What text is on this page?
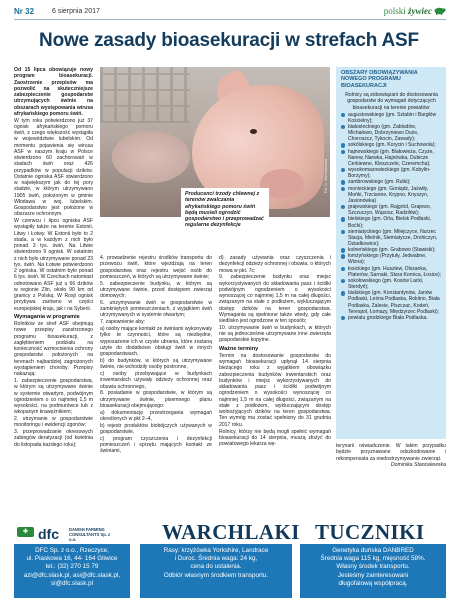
Nr 32	6 sierpnia 2017	polski żywiec
Nowe zasady bioasekuracji w strefach ASF

Od 15 lipca obowiązuje nowy program bioasekuracji. Zaostrzenie przepisów ma pozwolić na skuteczniejsze zabezpieczenie gospodarstw utrzymujących świnie na obszarach występowania wirusa afrykańskiego pomoru świń.

W tym roku potwierdzono już 37 ognisk afrykańskiego pomoru świń, z czego większość wystąpiła w województwie lubelskim. Od momentu pojawienia się wirusa ASF w naszym kraju w Polsce stwierdzono 60 zachorowań w stadach świń oraz 426 przypadków w populacji dzików. Ostatnie ogniska ASF stwierdzono w największym jak do tej pory stadzie, w którym utrzymywano 1905 świń, położonym w gminie Włodawa w woj. lubelskim. Gospodarstwo jest położone w obszarze ochronnym.

W czerwcu i lipcu ogniska ASF wystąpiły także na terenie Estonii, Litwy i Łotwy. W Estonii było to 2 stada, a w każdym z nich było ponad 3 tys. świń. Na Litwie stwierdzono 9 ognisk. W ostatnim z nich było utrzymywane ponad 23 tys. świń. Na Łotwie potwierdzono 2 ogniska. W ostatnim było ponad 6 tys. świń. W Czechach natomiast odnotowano ASF już u 66 dzików w regionie Zlin, około 90 km od granicy z Polską. W Rosji ognisk przybywa zarówno w części europejskiej kraju, jak i na Syberii.

Wymagania w programie

Rolników ze stref ASF obejmują nowe przepisy zaostrzonego programu bioasekuracji, z zagłębieniem podziału na konieczność wzmocnienia ochrony gospodarstw położonych na terenach najbardziej zagrożonych wystąpieniem choroby. Przepisy nakazują:

1. zabezpieczenie gospodarstwa, w którym są utrzymywane świnie w systemie otwartym, podwójnym ogrodzeniem o co najmniej 1,5 m wysokości, na podmurówce lub z wkopanym krawężnikiem;

2. utrzymanie w gospodarstwie monitoringu i ewidencji zgonów;

3. przeprowadzanie okresowych zabiegów deratyzacji (od kwietnia do listopada każdego roku);

Fot. D. Stancelewska
Producenci trzody chlewnej z terenów zwalczania afrykańskiego pomoru świń będą musieli ogrodzić gospodarstwo i przeprowadzać regularne dezynfekcje

4. prowadzenie rejestru środków transportu do przewozu świń, które wjeżdżają na teren gospodarstwa oraz rejestru wejść osób do pomieszczeń, w których są utrzymywane świnie;

5. zabezpieczenie budynku, w którym są utrzymywane świnie, przed dostępem zwierząt domowych;

6. utrzymywanie świń w gospodarstwie w zamkniętych pomieszczeniach, z wyjątkiem świń utrzymywanych w systemie otwartym;

7. zapewnienie aby:

a) osoby mające kontakt ze świniami wykonywały tylko te czynności, które są niezbędne, wyposażenie ich w czyste ubrania, które zostaną użyte do dodatkowo obsługi świń w innych gospodarstwach,

b) do budynków, w których są utrzymywane świnie, nie wchodziły osoby postronne,

c) osoby przebywające w budynkach inwentarskich używały odzieży ochronnej oraz obuwia ochronnego,

8. posiadanie w gospodarstwie, w którym są utrzymywane świnie, pisemnego planu bioasekuracji obejmującego:

a) dokumentację przestrzegania wymagań określonych w pkt 2–4,

b) rejestr produktów biobójczych używanych w gospodarstwie,

c) program czyszczenia i dezynfekcji pomieszczeń i sprzętu mających kontakt ze świniami,

d) zasady używania oraz czyszczenia i dezynfekcji odzieży ochronnej i obuwia, o których mowa w pkt. 7c;

9. zabezpieczenie budynku oraz miejsc wykorzystywanych do składowania pasz i ściółki podwójnym ogrodzeniem o wysokości wynoszącej co najmniej 1,5 m na całej długości, związanym na stałe z podłożem, wykluczającym dostęp dzików na teren gospodarstwa. Wymagania są spełnione także wtedy, gdy całe siedlisko jest ogrodzone w ten sposób;

10. utrzymywanie świń w budynkach, w których nie są jednocześnie utrzymywane inne zwierzęta gospodarskie kopytne.

Ważne terminy

Termin na dostosowanie gospodarstw do wymagań bioasekuracji upłynął 14 sierpnia bieżącego roku z wyjątkiem obowiązku zabezpieczenia budynków inwentarskich oraz budynków i miejsc wykorzystywanych do składowania pasz i ściółki podwójnym ogrodzeniem o wysokości wynoszącej co najmniej 1,5 m na całej długości, związanym na stałe z podłożem, wykluczającym dostęp wolnożyjących dzików na teren gospodarstwa. Ten wymóg ma zostać spełniony do 31 grudnia 2017 roku.

Rolnicy, którzy nie będą mogli spełnić wymagań bioasekuracji do 14 sierpnia, muszą złożyć do powiatowego lekarza wę-

OBSZARY OBOWIĄZYWANIA NOWEGO PROGRAMU BIOASEKURACJI
Rolnicy są zobowiązani do dostosowania gospodarstw do wymagań dotyczących bioasekuracji na terenie powiatów:
augustowskiego (gm. Sztabin i Bargłów Kościelny);
białostockiego (gm. Zabłudów, Michałowo, Dobrzyniewo Duże, Choroszcz, Tykocin, Zawady);
sokólskiego (gm. Korycin i Suchowola);
hajnowskiego (gm. Białowieża, Czyże, Narew, Narwka, Hajnówka, Dubicze Cerkiewne, Kleszczele, Czeremcha);
wysokomazowieckiego (gm. Kobylin-Borzymy);
zambrowskiego (gm. Rutki);
monieckiego (gm. Goniądz, Jaświły, Mońki, Trzcianne, Krypno, Knyszyn, Jasionówka)
grajewskiego (gm. Rajgród, Grajewo, Szczuczyn, Wąsosz, Radziłów);
bielskiego (gm. Orla, Bielsk Podlaski, Boćki);
siemiatyckiego (gm. Milejczyce, Nurzec Stacja, Mielnik, Siemiatycze, Drohiczyn, Dziadkowice);
kolneńskiego (gm. Grabowo (Stawiski);
łomżyńskiego (Przytuły, Jedwabne, Wizna);
łosickiego (gm. Huszlew, Olszanka, Platerów, Sarnaki, Stara Kornica, Łosice);
sokołowskiego (gm. Kosów Lacki, Sterdyń);
bialskiego (gm. Konstantynów, Janów Podlaski, Leśna Podlaska, Rokitno, Biała Podlaska, Zalesie, Piszczac, Kodeń, Terespol, Łomazy, Międzyrzec Podlaski);
powiatu grodzkiego Biała Podlaska.

terynarii oświadczenie. W takim przypadku będzie przyznawane odszkodowanie i rekompensata za niedostrzymywanie zwierząt.

Dominika Stancelewska

✚ dfc DANISH FARMING CONSULTANTS Sp. z o.o.
DFC Sp. z o.o., Rzeczyce,
ul. Piaskowa 16, 44- 164 Gliwice
tel.: (32) 270 15 79
azi@dfc.slask.pl, asi@dfc.slask.pl,
sl@dfc.slask.pl
WARCHLAKI
Rasy: krzyżówka Yorkshire, Landrace
i Duroc. Średnia waga: 24 kg,
cena do ustalenia.
Odbiór własnym środkiem transportu.
TUCZNIKI
Genetyka duńska DANBRED
Średnia waga 115 kg, mięsność 58%.
Własny środek transportu.
Jesteśmy zainteresowani
długofalową współpracą.
